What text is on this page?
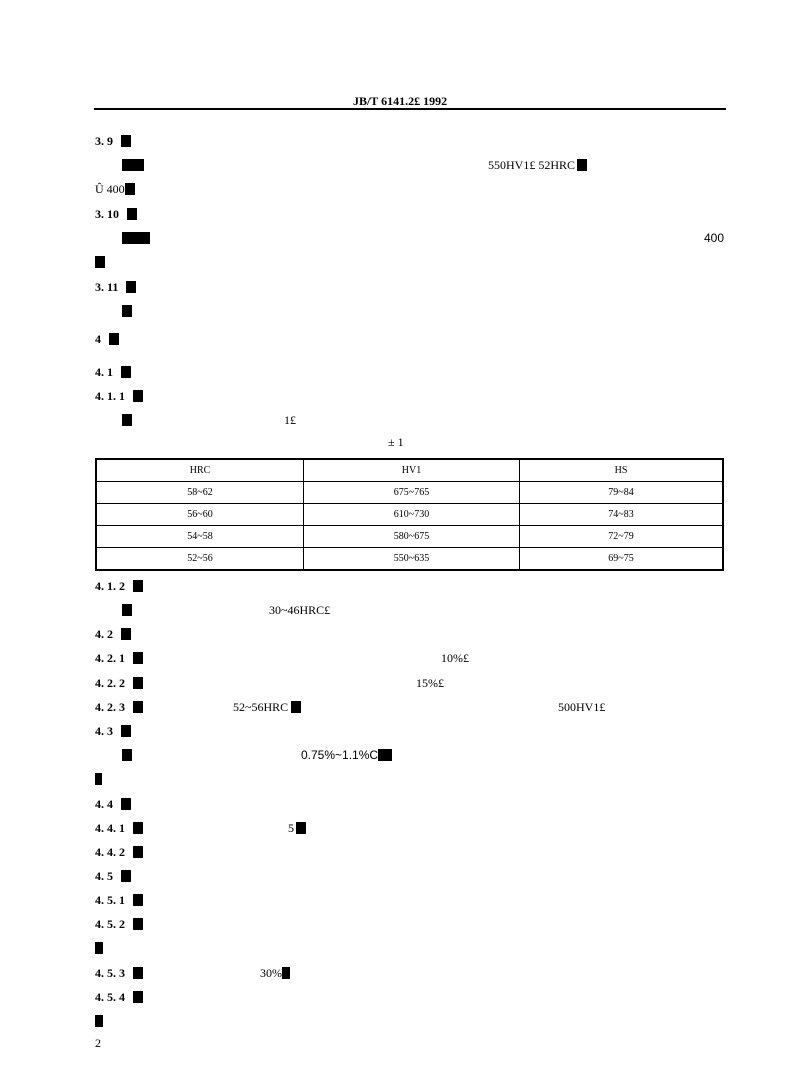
JB/T 6141.2£ 1992
3. 9 Ð
550HV1£ 52HRC
Û 400
3. 10 Ð
400
3. 11 ±
4 ¼
4. 1 Ð
4. 1. 1 ¼
1£
± 1
HRC	HV1	HS
58~62	675~765	79~84
56~60	610~730	74~83
54~58	580~675	72~79
52~56	550~635	69~75
4. 1. 2 Ð
30~46HRC£
4. 2 Ð
4. 2. 1 ¼	10%£
4. 2. 2 Ð	15%£
4. 2. 3 ¼	52~56HRC	500HV1£
4. 3 ¼
0.75%~1.1%C
4. 4 Ð
4. 4. 1 Ð	5
4. 4. 2 Ð
4. 5 Ê
4. 5. 1 Ð
4. 5. 2 Ð
4. 5. 3 ¼	30%
4. 5. 4 Ð
2
